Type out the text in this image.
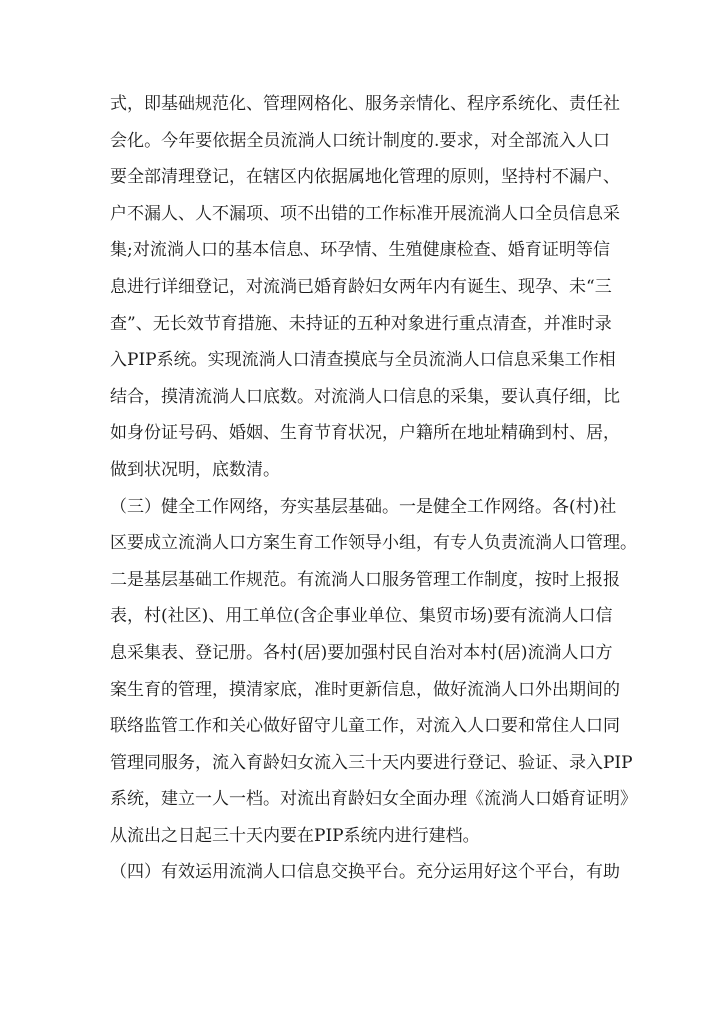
式，即基础规范化、管理网格化、服务亲情化、程序系统化、责任社
会化。今年要依据全员流淌人口统计制度的.要求，对全部流入人口
要全部清理登记，在辖区内依据属地化管理的原则，坚持村不漏户、
户不漏人、人不漏项、项不出错的工作标准开展流淌人口全员信息采
集;对流淌人口的基本信息、环孕情、生殖健康检查、婚育证明等信
息进行详细登记，对流淌已婚育龄妇女两年内有诞生、现孕、未“三
查”、无长效节育措施、未持证的五种对象进行重点清查，并准时录
入PIP系统。实现流淌人口清查摸底与全员流淌人口信息采集工作相
结合，摸清流淌人口底数。对流淌人口信息的采集，要认真仔细，比
如身份证号码、婚姻、生育节育状况，户籍所在地址精确到村、居，
做到状况明，底数清。
（三）健全工作网络，夯实基层基础。一是健全工作网络。各(村)社
区要成立流淌人口方案生育工作领导小组，有专人负责流淌人口管理。
二是基层基础工作规范。有流淌人口服务管理工作制度，按时上报报
表，村(社区)、用工单位(含企事业单位、集贸市场)要有流淌人口信
息采集表、登记册。各村(居)要加强村民自治对本村(居)流淌人口方
案生育的管理，摸清家底，准时更新信息，做好流淌人口外出期间的
联络监管工作和关心做好留守儿童工作，对流入人口要和常住人口同
管理同服务，流入育龄妇女流入三十天内要进行登记、验证、录入PIP
系统，建立一人一档。对流出育龄妇女全面办理《流淌人口婚育证明》
从流出之日起三十天内要在PIP系统内进行建档。
（四）有效运用流淌人口信息交换平台。充分运用好这个平台，有助
